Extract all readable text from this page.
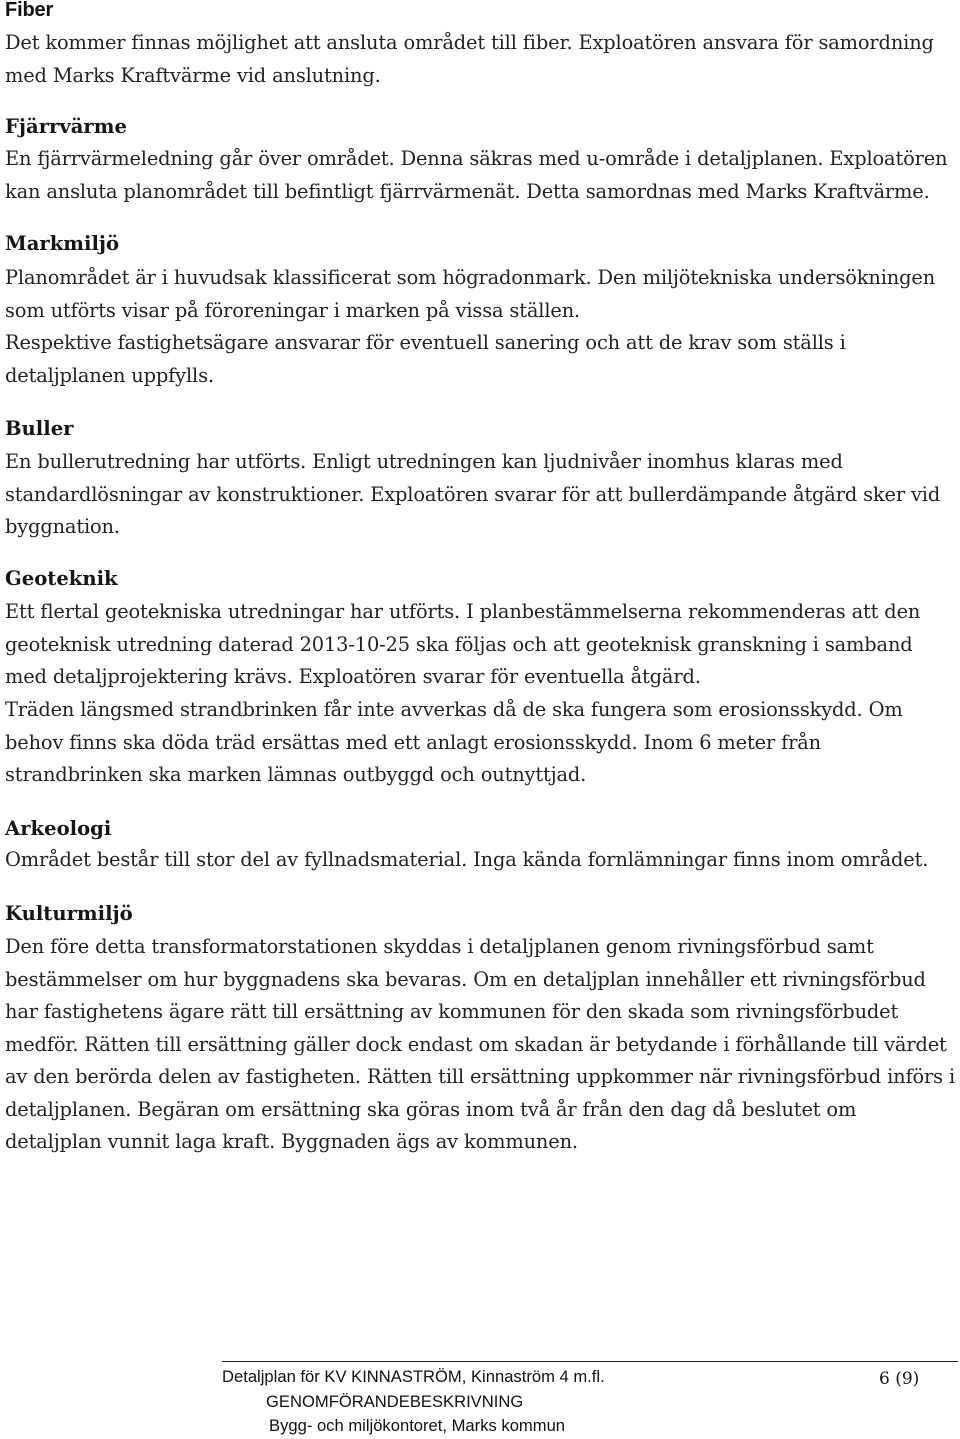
Fiber
Det kommer finnas möjlighet att ansluta området till fiber. Exploatören ansvara för samordning med Marks Kraftvärme vid anslutning.
Fjärrvärme
En fjärrvärmeledning går över området. Denna säkras med u-område i detaljplanen. Exploatören kan ansluta planområdet till befintligt fjärrvärmenät. Detta samordnas med Marks Kraftvärme.
Markmiljö
Planområdet är i huvudsak klassificerat som högradonmark. Den miljötekniska undersökningen som utförts visar på föroreningar i marken på vissa ställen.
Respektive fastighetsägare ansvarar för eventuell sanering och att de krav som ställs i detaljplanen uppfylls.
Buller
En bullerutredning har utförts. Enligt utredningen kan ljudnivåer inomhus klaras med standardlösningar av konstruktioner. Exploatören svarar för att bullerdämpande åtgärd sker vid byggnation.
Geoteknik
Ett flertal geotekniska utredningar har utförts. I planbestämmelserna rekommenderas att den geoteknisk utredning daterad 2013-10-25 ska följas och att geoteknisk granskning i samband med detaljprojektering krävs. Exploatören svarar för eventuella åtgärd.
Träden längsmed strandbrinken får inte avverkas då de ska fungera som erosionsskydd. Om behov finns ska döda träd ersättas med ett anlagt erosionsskydd. Inom 6 meter från strandbrinken ska marken lämnas outbyggd och outnyttjad.
Arkeologi
Området består till stor del av fyllnadsmaterial. Inga kända fornlämningar finns inom området.
Kulturmiljö
Den före detta transformatorstationen skyddas i detaljplanen genom rivningsförbud samt bestämmelser om hur byggnadens ska bevaras. Om en detaljplan innehåller ett rivningsförbud har fastighetens ägare rätt till ersättning av kommunen för den skada som rivningsförbudet medför. Rätten till ersättning gäller dock endast om skadan är betydande i förhållande till värdet av den berörda delen av fastigheten. Rätten till ersättning uppkommer när rivningsförbud införs i detaljplanen. Begäran om ersättning ska göras inom två år från den dag då beslutet om detaljplan vunnit laga kraft. Byggnaden ägs av kommunen.
Detaljplan för KV KINNASTRÖM, Kinnaström 4 m.fl.
GENOMFÖRANDEBESKRIVNING
Bygg- och miljökontoret, Marks kommun
6 (9)
